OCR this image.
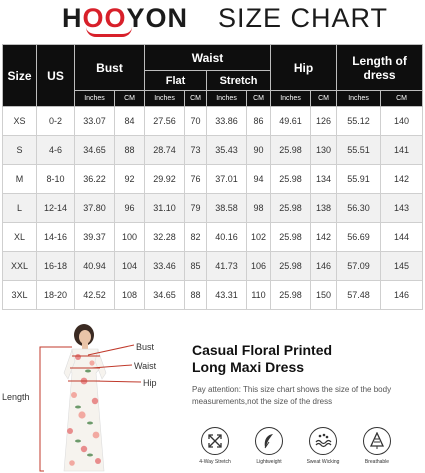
HOOYON SIZE CHART
Size	US	Bust		Waist				Hip		Length of dress	
				Flat		Stretch					
		Inches	CM	Inches	CM	Inches	CM	Inches	CM	Inches	CM
XS	0-2	33.07	84	27.56	70	33.86	86	49.61	126	55.12	140
S	4-6	34.65	88	28.74	73	35.43	90	25.98	130	55.51	141
M	8-10	36.22	92	29.92	76	37.01	94	25.98	134	55.91	142
L	12-14	37.80	96	31.10	79	38.58	98	25.98	138	56.30	143
XL	14-16	39.37	100	32.28	82	40.16	102	25.98	142	56.69	144
XXL	16-18	40.94	104	33.46	85	41.73	106	25.98	146	57.09	145
3XL	18-20	42.52	108	34.65	88	43.31	110	25.98	150	57.48	146
Bust
Waist
Hip
Length
Casual Floral Printed
Long Maxi Dress
Pay attention: This size chart shows the size of the body measurements,not the size of the dress
4-Way Stretch	Lightweight	Sweat Wicking	Breathable
